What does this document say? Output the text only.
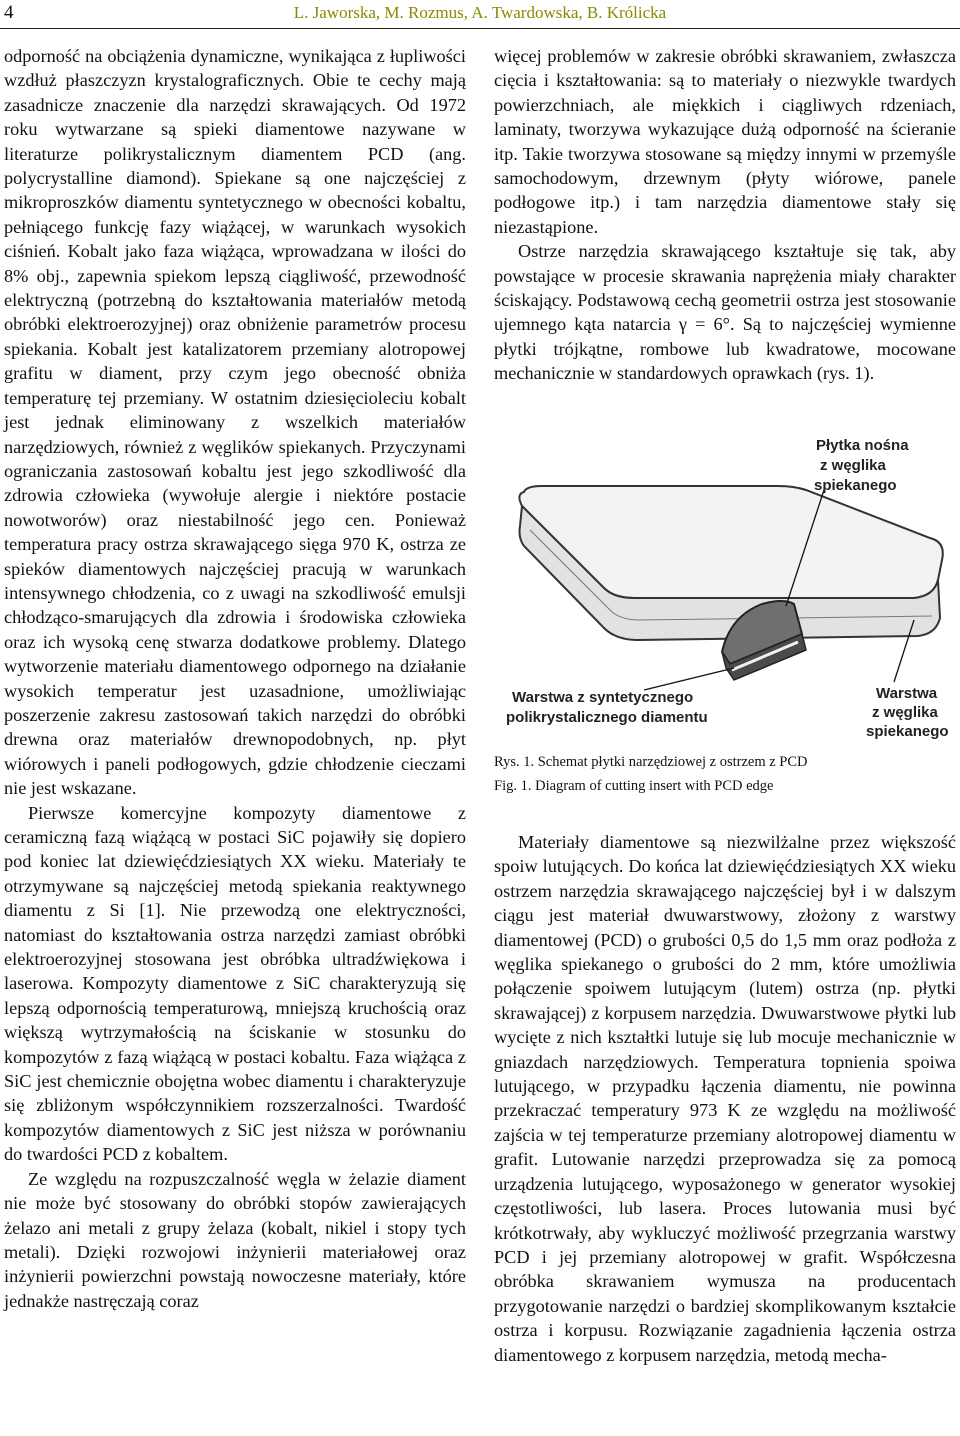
4	L. Jaworska, M. Rozmus, A. Twardowska, B. Królicka

odporność na obciążenia dynamiczne, wynikająca z łupliwości wzdłuż płaszczyzn krystalograficznych. Obie te cechy mają zasadnicze znaczenie dla narzędzi skrawających. Od 1972 roku wytwarzane są spieki diamentowe nazywane w literaturze polikrystalicznym diamentem PCD (ang. polycrystalline diamond). Spiekane są one najczęściej z mikroproszków diamentu syntetycznego w obecności kobaltu, pełniącego funkcję fazy wiążącej, w warunkach wysokich ciśnień. Kobalt jako faza wiążąca, wprowadzana w ilości do 8% obj., zapewnia spiekom lepszą ciągliwość, przewodność elektryczną (potrzebną do kształtowania materiałów metodą obróbki elektroerozyjnej) oraz obniżenie parametrów procesu spiekania. Kobalt jest katalizatorem przemiany alotropowej grafitu w diament, przy czym jego obecność obniża temperaturę tej przemiany. W ostatnim dziesięcioleciu kobalt jest jednak eliminowany z wszelkich materiałów narzędziowych, również z węglików spiekanych. Przyczynami ograniczania zastosowań kobaltu jest jego szkodliwość dla zdrowia człowieka (wywołuje alergie i niektóre postacie nowotworów) oraz niestabilność jego cen. Ponieważ temperatura pracy ostrza skrawającego sięga 970 K, ostrza ze spieków diamentowych najczęściej pracują w warunkach intensywnego chłodzenia, co z uwagi na szkodliwość emulsji chłodząco-smarujących dla zdrowia i środowiska człowieka oraz ich wysoką cenę stwarza dodatkowe problemy. Dlatego wytworzenie materiału diamentowego odpornego na działanie wysokich temperatur jest uzasadnione, umożliwiając poszerzenie zakresu zastosowań takich narzędzi do obróbki drewna oraz materiałów drewnopodobnych, np. płyt wiórowych i paneli podłogowych, gdzie chłodzenie cieczami nie jest wskazane.

Pierwsze komercyjne kompozyty diamentowe z ceramiczną fazą wiążącą w postaci SiC pojawiły się dopiero pod koniec lat dziewięćdziesiątych XX wieku. Materiały te otrzymywane są najczęściej metodą spiekania reaktywnego diamentu z Si [1]. Nie przewodzą one elektryczności, natomiast do kształtowania ostrza narzędzi zamiast obróbki elektroerozyjnej stosowana jest obróbka ultradźwiękowa i laserowa. Kompozyty diamentowe z SiC charakteryzują się lepszą odpornością temperaturową, mniejszą kruchością oraz większą wytrzymałością na ściskanie w stosunku do kompozytów z fazą wiążącą w postaci kobaltu. Faza wiążąca z SiC jest chemicznie obojętna wobec diamentu i charakteryzuje się zbliżonym współczynnikiem rozszerzalności. Twardość kompozytów diamentowych z SiC jest niższa w porównaniu do twardości PCD z kobaltem.

Ze względu na rozpuszczalność węgla w żelazie diament nie może być stosowany do obróbki stopów zawierających żelazo ani metali z grupy żelaza (kobalt, nikiel i stopy tych metali). Dzięki rozwojowi inżynierii materiałowej oraz inżynierii powierzchni powstają nowoczesne materiały, które jednakże nastręczają coraz

więcej problemów w zakresie obróbki skrawaniem, zwłaszcza cięcia i kształtowania: są to materiały o niezwykle twardych powierzchniach, ale miękkich i ciągliwych rdzeniach, laminaty, tworzywa wykazujące dużą odporność na ścieranie itp. Takie tworzywa stosowane są między innymi w przemyśle samochodowym, drzewnym (płyty wiórowe, panele podłogowe itp.) i tam narzędzia diamentowe stały się niezastąpione.

Ostrze narzędzia skrawającego kształtuje się tak, aby powstające w procesie skrawania naprężenia miały charakter ściskający. Podstawową cechą geometrii ostrza jest stosowanie ujemnego kąta natarcia γ = 6°. Są to najczęściej wymienne płytki trójkątne, rombowe lub kwadratowe, mocowane mechanicznie w standardowych oprawkach (rys. 1).

Płytka nośna
z węglika
spiekanego
Warstwa z syntetycznego
polikrystalicznego diamentu
Warstwa
z węglika
spiekanego
Rys. 1. Schemat płytki narzędziowej z ostrzem z PCD
Fig. 1. Diagram of cutting insert with PCD edge

Materiały diamentowe są niezwilżalne przez większość spoiw lutujących. Do końca lat dziewięćdziesiątych XX wieku ostrzem narzędzia skrawającego najczęściej był i w dalszym ciągu jest materiał dwuwarstwowy, złożony z warstwy diamentowej (PCD) o grubości 0,5 do 1,5 mm oraz podłoża z węglika spiekanego o grubości do 2 mm, które umożliwia połączenie spoiwem lutującym (lutem) ostrza (np. płytki skrawającej) z korpusem narzędzia. Dwuwarstwowe płytki lub wycięte z nich kształtki lutuje się lub mocuje mechanicznie w gniazdach narzędziowych. Temperatura topnienia spoiwa lutującego, w przypadku łączenia diamentu, nie powinna przekraczać temperatury 973 K ze względu na możliwość zajścia w tej temperaturze przemiany alotropowej diamentu w grafit. Lutowanie narzędzi przeprowadza się za pomocą urządzenia lutującego, wyposażonego w generator wysokiej częstotliwości, lub lasera. Proces lutowania musi być krótkotrwały, aby wykluczyć możliwość przegrzania warstwy PCD i jej przemiany alotropowej w grafit. Współczesna obróbka skrawaniem wymusza na producentach przygotowanie narzędzi o bardziej skomplikowanym kształcie ostrza i korpusu. Rozwiązanie zagadnienia łączenia ostrza diamentowego z korpusem narzędzia, metodą mecha-
